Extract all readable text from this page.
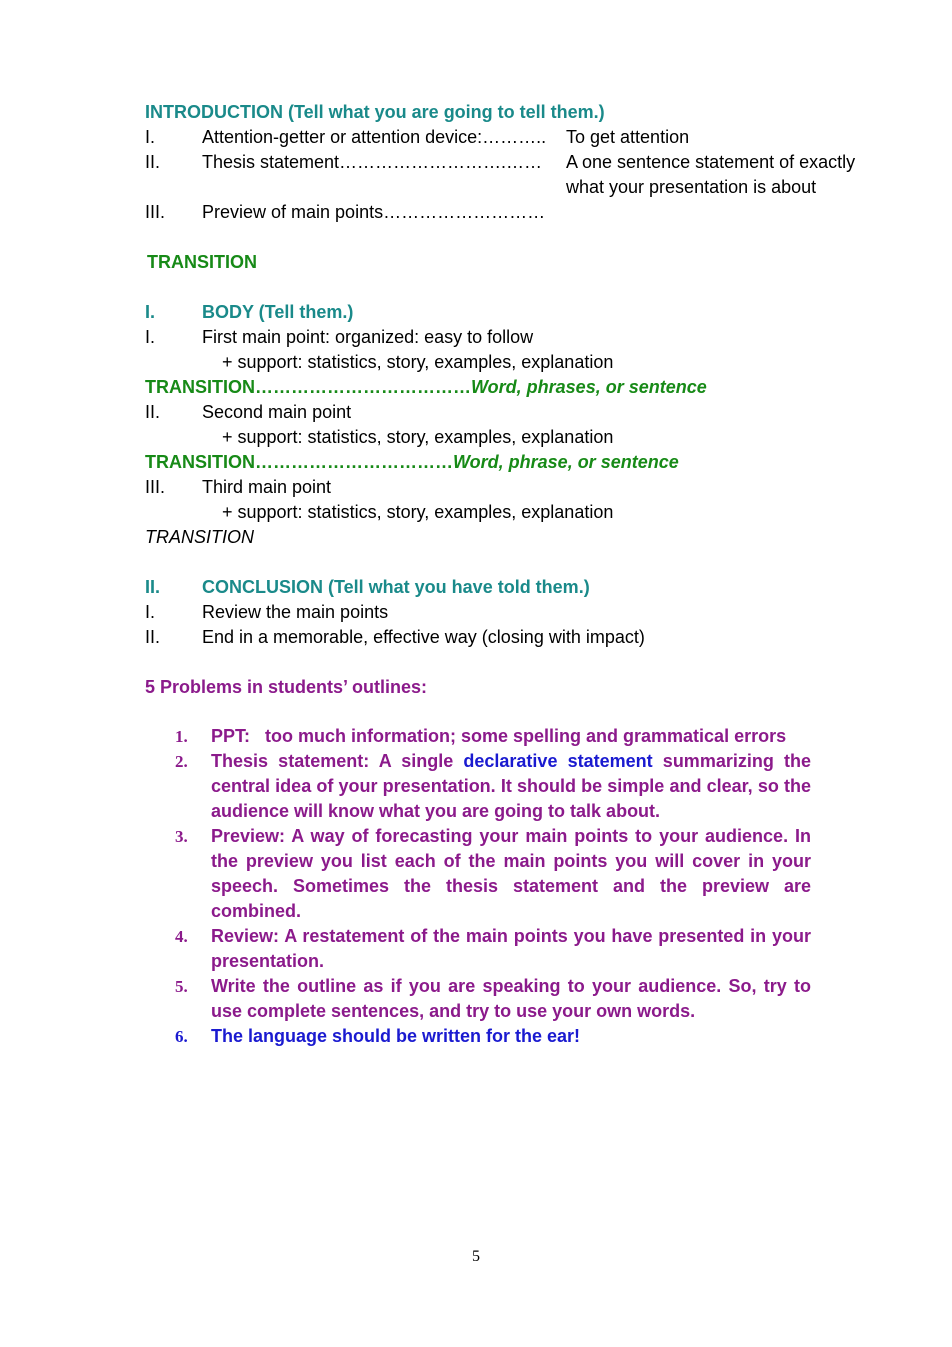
INTRODUCTION (Tell what you are going to tell them.)
I.	Attention-getter or attention device:……….. To get attention
II. Thesis statement……………………….…… A one sentence statement of exactly
what your presentation is about
III. Preview of main points………………………
TRANSITION
I.	BODY (Tell them.)
I.	First main point: organized: easy to follow
+ support: statistics, story, examples, explanation
TRANSITION………………………………Word, phrases, or sentence
II. Second main point
+ support: statistics, story, examples, explanation
TRANSITION……………………………Word, phrase, or sentence
III. Third main point
+ support: statistics, story, examples, explanation
TRANSITION
II. CONCLUSION (Tell what you have told them.)
I.	Review the main points
II. End in a memorable, effective way (closing with impact)
5 Problems in students’ outlines:
1. PPT:   too much information; some spelling and grammatical errors
2. Thesis statement: A single declarative statement summarizing the central idea of your presentation. It should be simple and clear, so the audience will know what you are going to talk about.
3. Preview: A way of forecasting your main points to your audience. In the preview you list each of the main points you will cover in your speech. Sometimes the thesis statement and the preview are combined.
4. Review: A restatement of the main points you have presented in your presentation.
5. Write the outline as if you are speaking to your audience. So, try to use complete sentences, and try to use your own words.
6. The language should be written for the ear!
5
